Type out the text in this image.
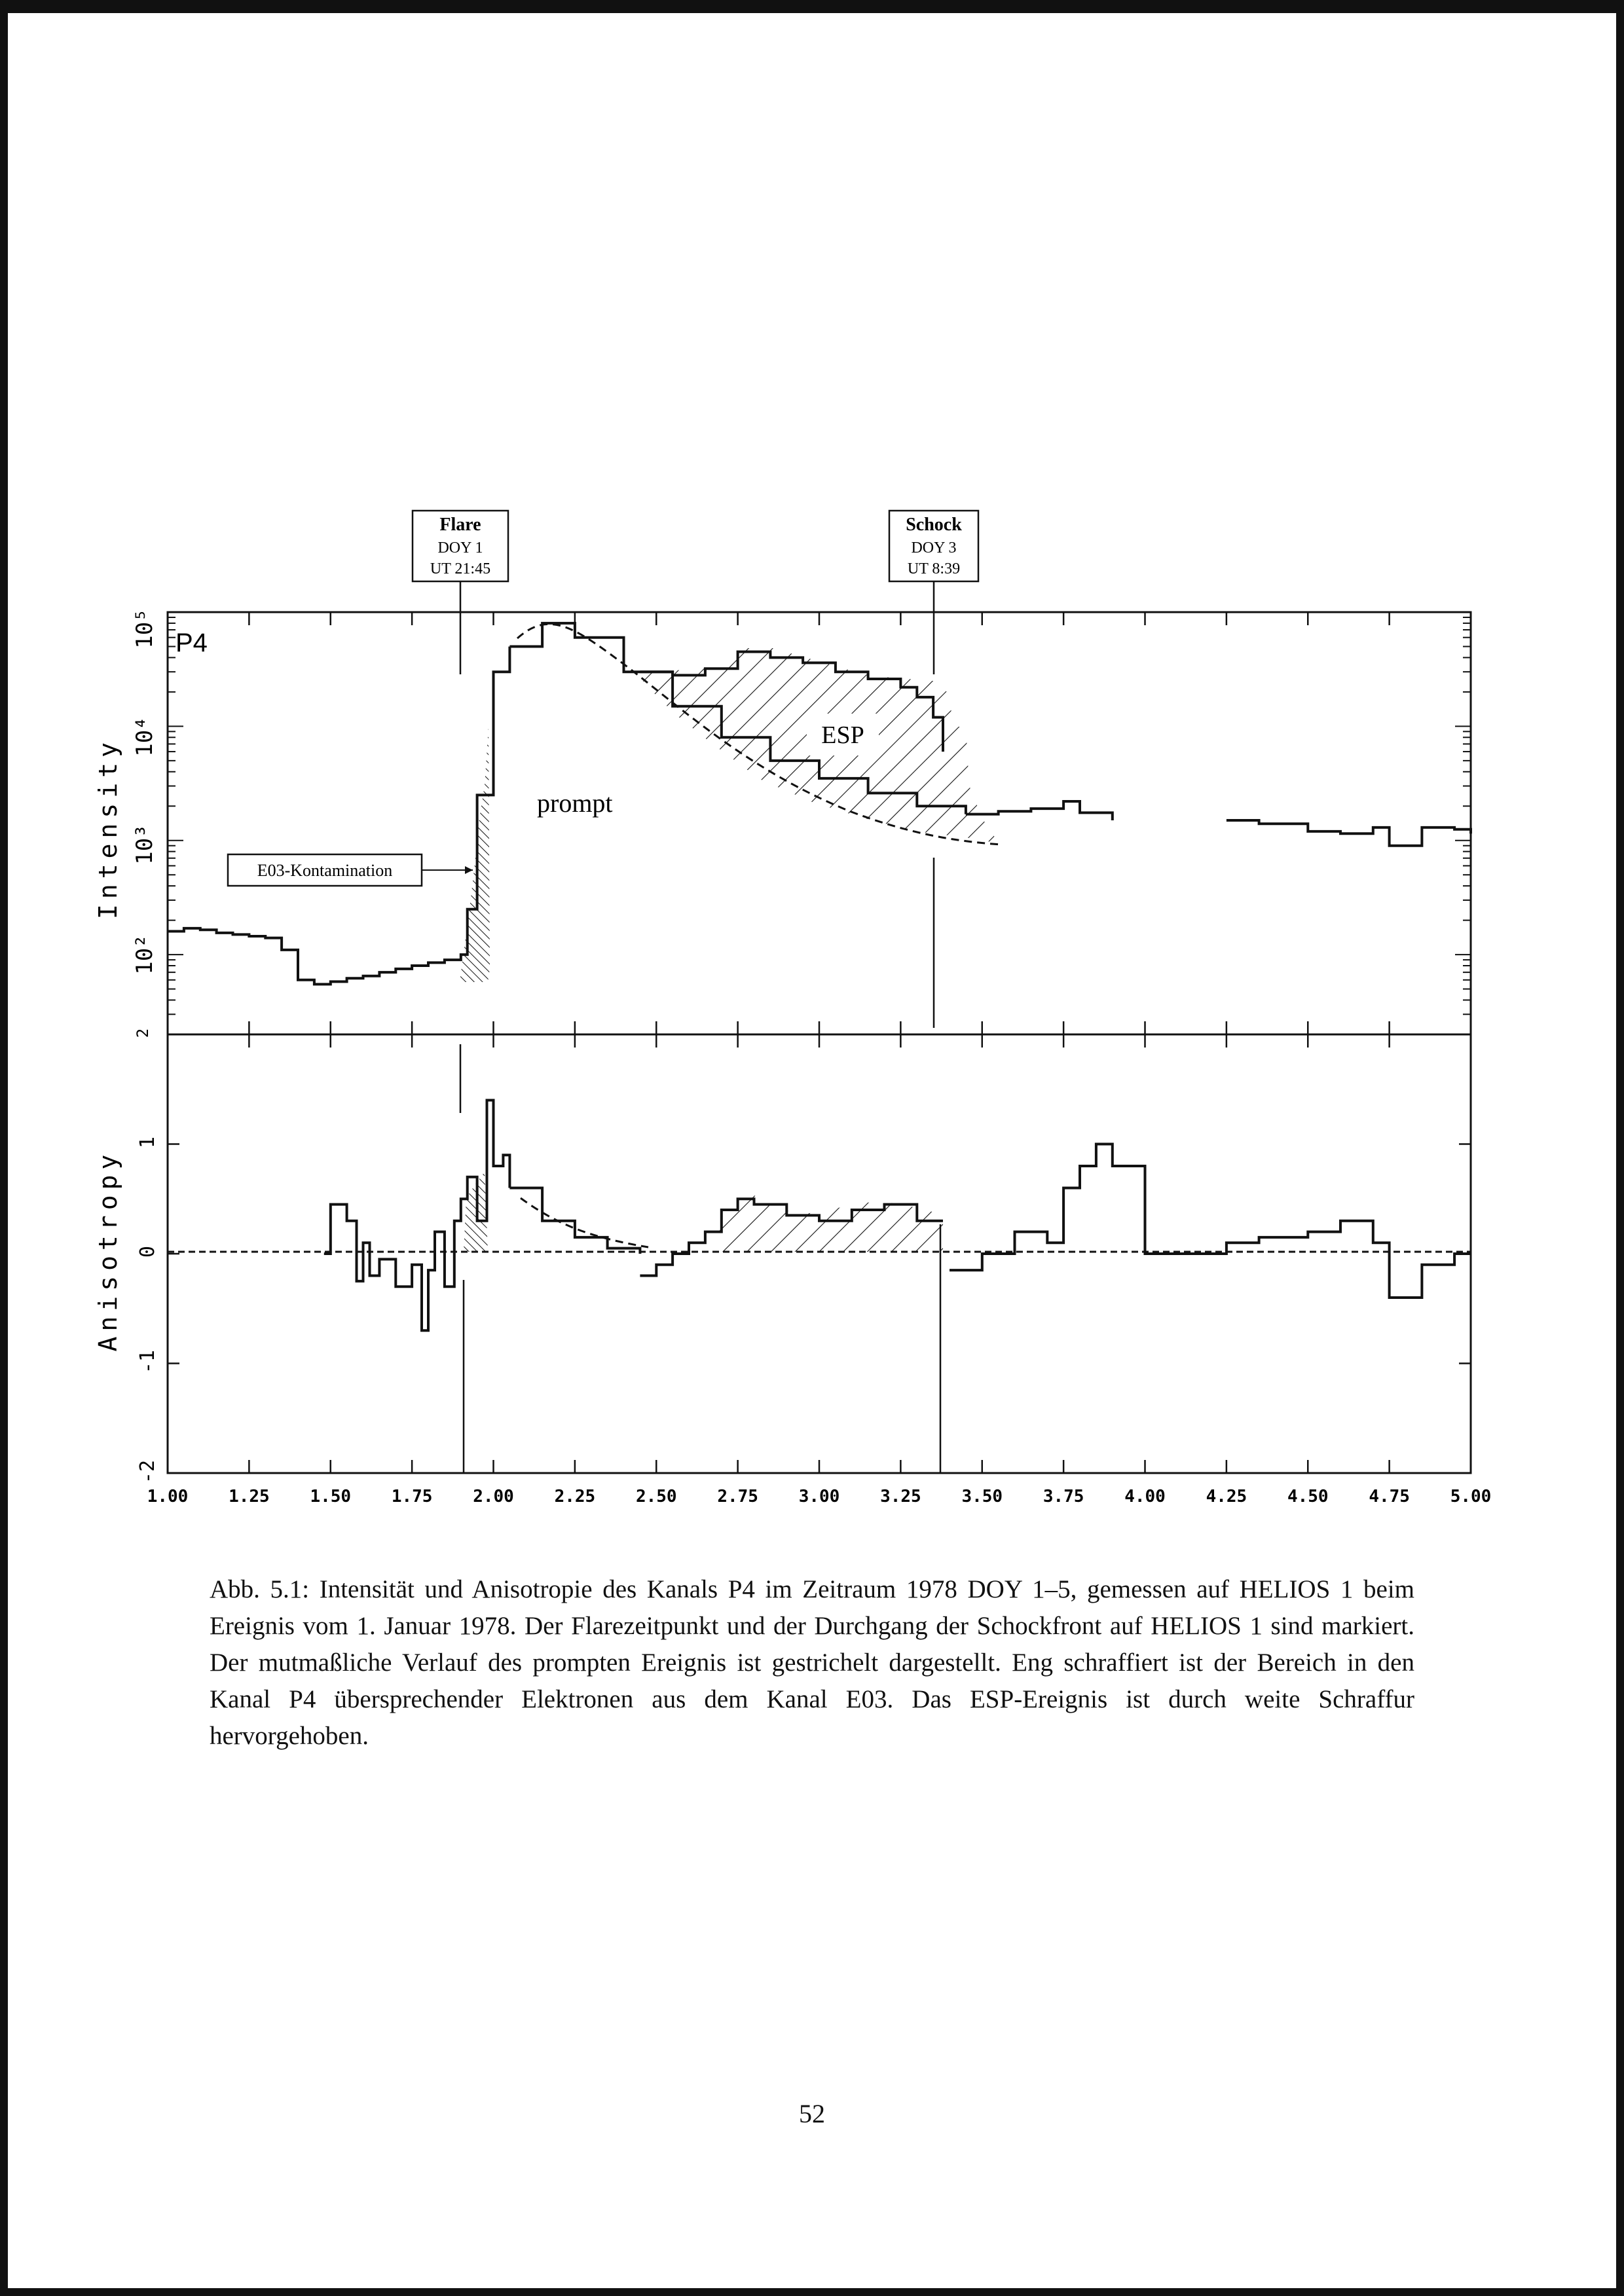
Flare
DOY 1
UT 21:45
Schock
DOY 3
UT 8:39
P4
prompt
ESP
E03-Kontamination
Intensity
Anisotropy
10⁵
10⁴
10³
10²
2
1
0
-1
-2
1.00 1.25 1.50 1.75 2.00 2.25 2.50 2.75 3.00 3.25 3.50 3.75 4.00 4.25 4.50 4.75 5.00
Abb. 5.1: Intensität und Anisotropie des Kanals P4 im Zeitraum 1978 DOY 1–5, gemessen auf HELIOS 1 beim Ereignis vom 1. Januar 1978. Der Flarezeitpunkt und der Durchgang der Schockfront auf HELIOS 1 sind markiert. Der mutmaßliche Verlauf des prompten Ereignis ist gestrichelt dargestellt. Eng schraffiert ist der Bereich in den Kanal P4 übersprechender Elektronen aus dem Kanal E03. Das ESP-Ereignis ist durch weite Schraffur hervorgehoben.
52
